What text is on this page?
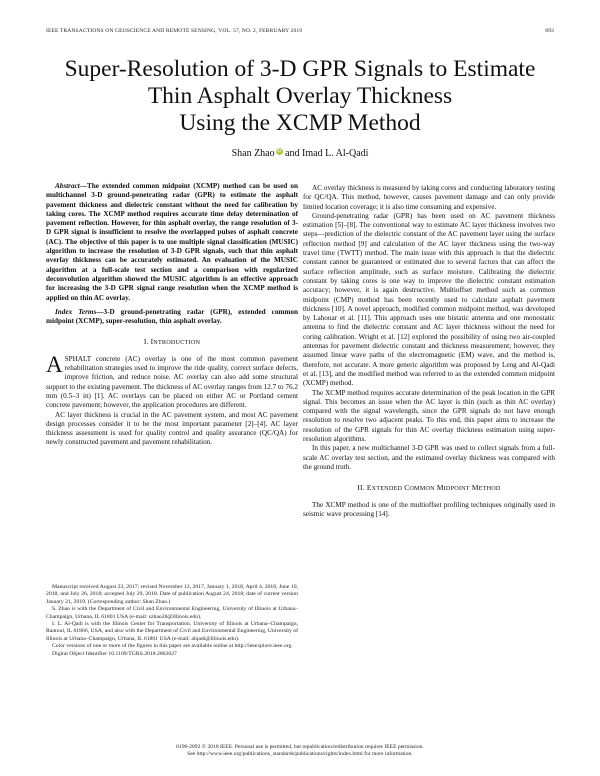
IEEE TRANSACTIONS ON GEOSCIENCE AND REMOTE SENSING, VOL. 57, NO. 2, FEBRUARY 2019	893
Super-Resolution of 3-D GPR Signals to Estimate
Thin Asphalt Overlay Thickness
Using the XCMP Method
Shan Zhao iD and Imad L. Al-Qadi

Abstract—The extended common midpoint (XCMP) method can be used on multichannel 3-D ground-penetrating radar (GPR) to estimate the asphalt pavement thickness and dielectric constant without the need for calibration by taking cores. The XCMP method requires accurate time delay determination of pavement reflection. However, for thin asphalt overlay, the range resolution of 3-D GPR signal is insufficient to resolve the overlapped pulses of asphalt concrete (AC). The objective of this paper is to use multiple signal classification (MUSIC) algorithm to increase the resolution of 3-D GPR signals, such that thin asphalt overlay thickness can be accurately estimated. An evaluation of the MUSIC algorithm at a full-scale test section and a comparison with regularized deconvolution algorithm showed the MUSIC algorithm is an effective approach for increasing the 3-D GPR signal range resolution when the XCMP method is applied on thin AC overlay.

Index Terms—3-D ground-penetrating radar (GPR), extended common midpoint (XCMP), super-resolution, thin asphalt overlay.

I. INTRODUCTION

ASPHALT concrete (AC) overlay is one of the most common pavement rehabilitation strategies used to improve the ride quality, correct surface defects, improve friction, and reduce noise. AC overlay can also add some structural support to the existing pavement. The thickness of AC overlay ranges from 12.7 to 76.2 mm (0.5–3 in) [1]. AC overlays can be placed on either AC or Portland cement concrete pavement; however, the application procedures are different.

AC layer thickness is crucial in the AC pavement system, and most AC pavement design processes consider it to be the most important parameter [2]–[4]. AC layer thickness assessment is used for quality control and quality assurance (QC/QA) for newly constructed pavement and pavement rehabilitation.

Manuscript received August 23, 2017; revised November 12, 2017, January 1, 2018, April 4, 2018, June 10, 2018, and July 26, 2018; accepted July 29, 2018. Date of publication August 24, 2018; date of current version January 21, 2019. (Corresponding author: Shan Zhao.)

S. Zhao is with the Department of Civil and Environmental Engineering, University of Illinois at Urbana–Champaign, Urbana, IL 61801 USA (e-mail: szhao28@illinois.edu).

I. L. Al-Qadi is with the Illinois Center for Transportation, University of Illinois at Urbana–Champaign, Rantoul, IL 61866, USA, and also with the Department of Civil and Environmental Engineering, University of Illinois at Urbana–Champaign, Urbana, IL 61801 USA (e-mail: alqadi@illinois.edu).

Color versions of one or more of the figures in this paper are available online at http://ieeexplore.ieee.org.

Digital Object Identifier 10.1109/TGRS.2018.2862627

AC overlay thickness is measured by taking cores and conducting laboratory testing for QC/QA. This method, however, causes pavement damage and can only provide limited location coverage; it is also time consuming and expensive.

Ground-penetrating radar (GPR) has been used on AC pavement thickness estimation [5]–[8]. The conventional way to estimate AC layer thickness involves two steps—prediction of the dielectric constant of the AC pavement layer using the surface reflection method [9] and calculation of the AC layer thickness using the two-way travel time (TWTT) method. The main issue with this approach is that the dielectric constant cannot be guaranteed or estimated due to several factors that can affect the surface reflection amplitude, such as surface moisture. Calibrating the dielectric constant by taking cores is one way to improve the dielectric constant estimation accuracy; however, it is again destructive. Multioffset method such as common midpoint (CMP) method has been recently used to calculate asphalt pavement thickness [10]. A novel approach, modified common midpoint method, was developed by Lahouar et al. [11]. This approach uses one bistatic antenna and one monostatic antenna to find the dielectric constant and AC layer thickness without the need for coring calibration. Wright et al. [12] explored the possibility of using two air-coupled antennas for pavement dielectric constant and thickness measurement; however, they assumed linear wave paths of the electromagnetic (EM) wave, and the method is, therefore, not accurate. A more generic algorithm was proposed by Leng and Al-Qadi et al. [13], and the modified method was referred to as the extended common midpoint (XCMP) method.

The XCMP method requires accurate determination of the peak location in the GPR signal. This becomes an issue when the AC layer is thin (such as thin AC overlay) compared with the signal wavelength, since the GPR signals do not have enough resolution to resolve two adjacent peaks. To this end, this paper aims to increase the resolution of the GPR signals for thin AC overlay thickness estimation using super-resolution algorithms.

In this paper, a new multichannel 3-D GPR was used to collect signals from a full-scale AC overlay test section, and the estimated overlay thickness was compared with the ground truth.

II. EXTENDED COMMON MIDPOINT METHOD

The XCMP method is one of the multioffset profiling techniques originally used in seismic wave processing [14].

0196-2892 © 2018 IEEE. Personal use is permitted, but republication/redistribution requires IEEE permission.
See http://www.ieee.org/publications_standards/publications/rights/index.html for more information.
